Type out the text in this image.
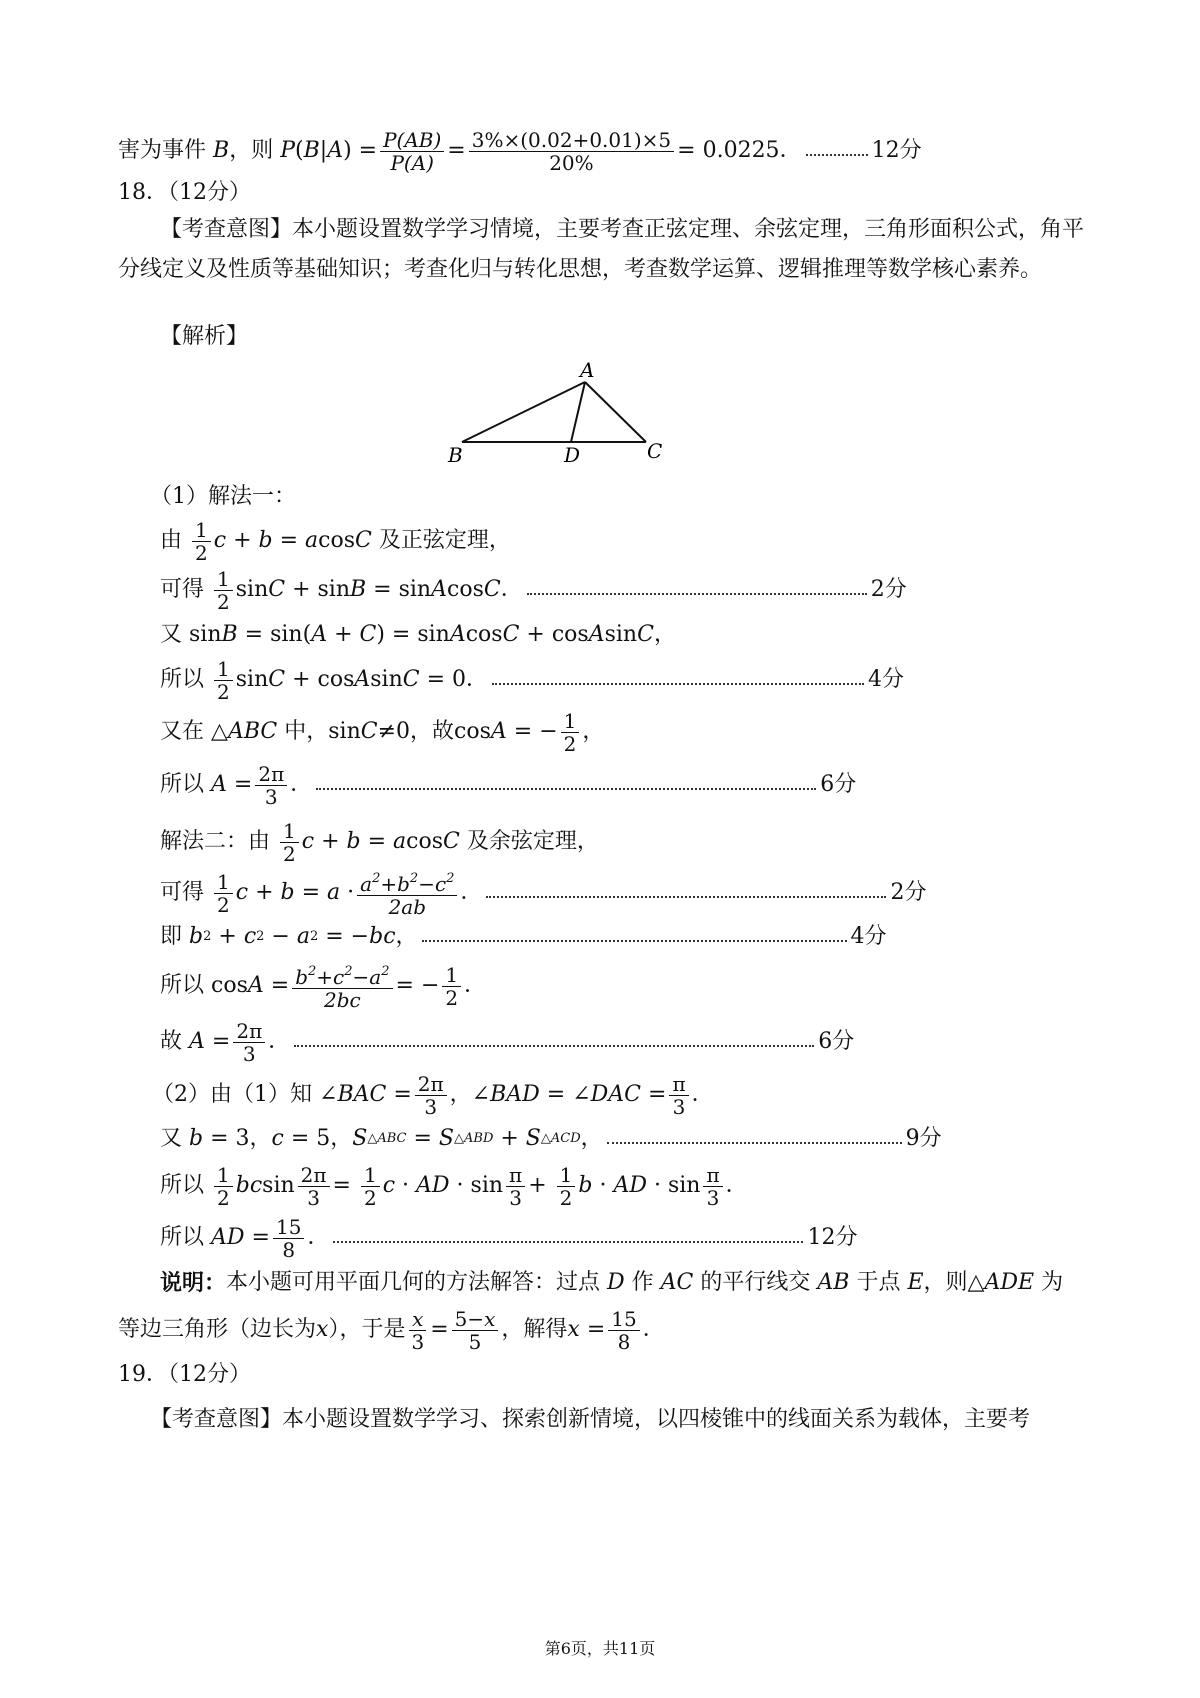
害为事件 B ，则 P ( B | A ) = $\frac{P(AB)}{P(A)} = \frac{3\%\times(0.02+0.01)\times 5}{20\%} = 0.0225$ ．	12分
18．（12分）
【考查意图】本小题设置数学学习情境，主要考查正弦定理、余弦定理，三角形面积公式，角平分线定义及性质等基础知识；考查化归与转化思想，考查数学运算、逻辑推理等数学核心素养。
【解析】
A
B	D	C
（1）解法一：
由
$\frac{1}{2}$ c + b = a cos C
及正弦定理，
可得
$\frac{1}{2}$ sin C + sin B = sin A cos C ．	2分
又 sin B = sin( A + C ) = sin A cos C + cos A sin C ，
所以
$\frac{1}{2}$ sin C + cos A sin C = 0．	4分
又在 △ ABC
中， sin C ≠0 ，故 cos A = − $\frac{1}{2}$ ，
所以 $A = \frac{2\pi}{3}$ ．	6分
解法二：由
$\frac{1}{2}$ c + b = a cos C
及余弦定理，
可得
$\frac{1}{2}$ $c + b = a \cdot \frac{a^2+b^2-c^2}{2ab}$ ．	2分
即
b 2 + c 2 − a 2 = − bc ，	4分
所以 $\cos A = \frac{b^2+c^2-a^2}{2bc}$ = − $\frac{1}{2}$ ．
故 $A = \frac{2\pi}{3}$ ．	6分
（2）由（1）知 ∠ BAC = $\frac{2\pi}{3}$ ，∠ BAD = ∠ DAC = $\frac{\pi}{3}$ ．
又
b = 3， c = 5， S △ABC = S △ABD + S △ACD ，	9分
所以
$\frac{1}{2}$ bc $\sin \frac{2\pi}{3} = \frac{1}{2}$ c · AD · $\sin \frac{\pi}{3} + \frac{1}{2}$ b · AD · $\sin \frac{\pi}{3}$ ．
所以 AD = $\frac{15}{8}$ ．	12分
说明： 本小题可用平面几何的方法解答：过点 D 作 AC 的平行线交 AB 于点 E ，则 △ ADE
为
等边三角形（边长为 x ），于是 $\frac{x}{3} = \frac{5-x}{5}$ ，解得 $x = \frac{15}{8}$ ．
19．（12分）
【考查意图】 本小题设置数学学习、探索创新情境，以四棱锥中的线面关系为载体，主要考
第6页，共11页
